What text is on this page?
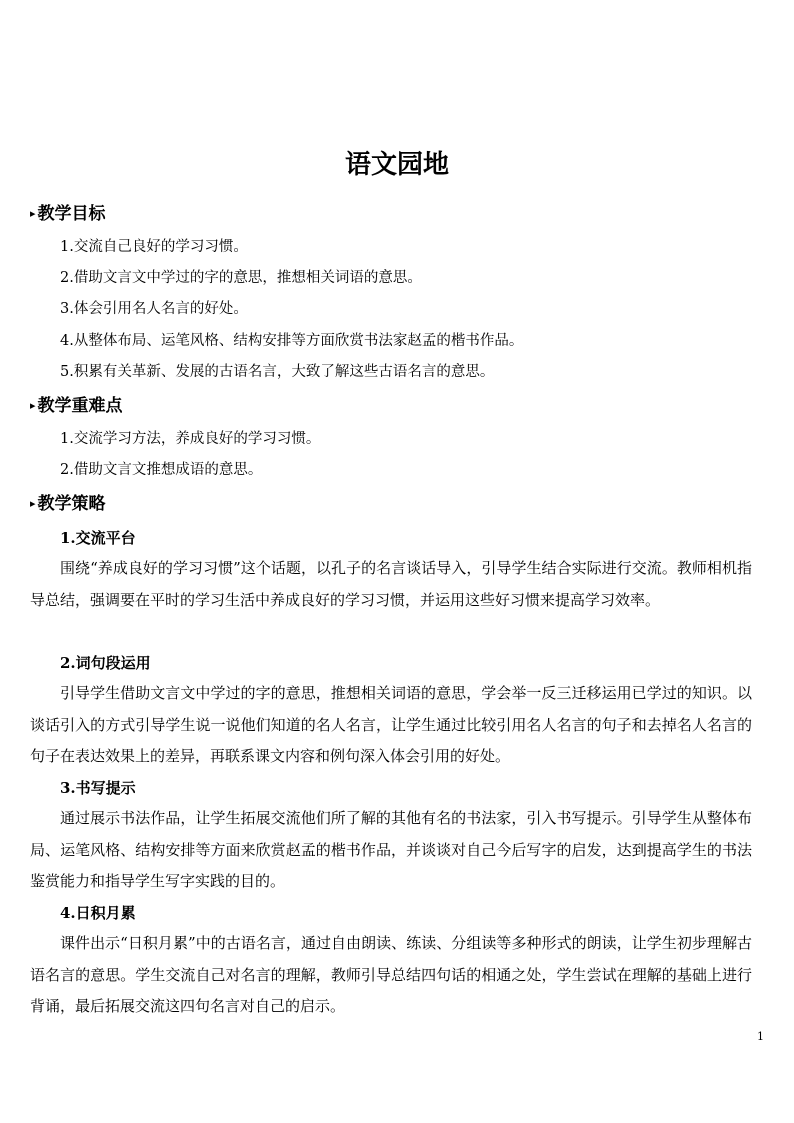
语文园地
▸ 教学目标
1.交流自己良好的学习习惯。
2.借助文言文中学过的字的意思，推想相关词语的意思。
3.体会引用名人名言的好处。
4.从整体布局、运笔风格、结构安排等方面欣赏书法家赵孟的楷书作品。
5.积累有关革新、发展的古语名言，大致了解这些古语名言的意思。
▸ 教学重难点
1.交流学习方法，养成良好的学习习惯。
2.借助文言文推想成语的意思。
▸ 教学策略
1.交流平台
围绕“养成良好的学习习惯”这个话题，以孔子的名言谈话导入，引导学生结合实际进行交流。教师相机指导总结，强调要在平时的学习生活中养成良好的学习习惯，并运用这些好习惯来提高学习效率。
2.词句段运用
引导学生借助文言文中学过的字的意思，推想相关词语的意思，学会举一反三迁移运用已学过的知识。以谈话引入的方式引导学生说一说他们知道的名人名言，让学生通过比较引用名人名言的句子和去掉名人名言的句子在表达效果上的差异，再联系课文内容和例句深入体会引用的好处。
3.书写提示
通过展示书法作品，让学生拓展交流他们所了解的其他有名的书法家，引入书写提示。引导学生从整体布局、运笔风格、结构安排等方面来欣赏赵孟的楷书作品，并谈谈对自己今后写字的启发，达到提高学生的书法鉴赏能力和指导学生写字实践的目的。
4.日积月累
课件出示“日积月累”中的古语名言，通过自由朗读、练读、分组读等多种形式的朗读，让学生初步理解古语名言的意思。学生交流自己对名言的理解，教师引导总结四句话的相通之处，学生尝试在理解的基础上进行背诵，最后拓展交流这四句名言对自己的启示。
1
